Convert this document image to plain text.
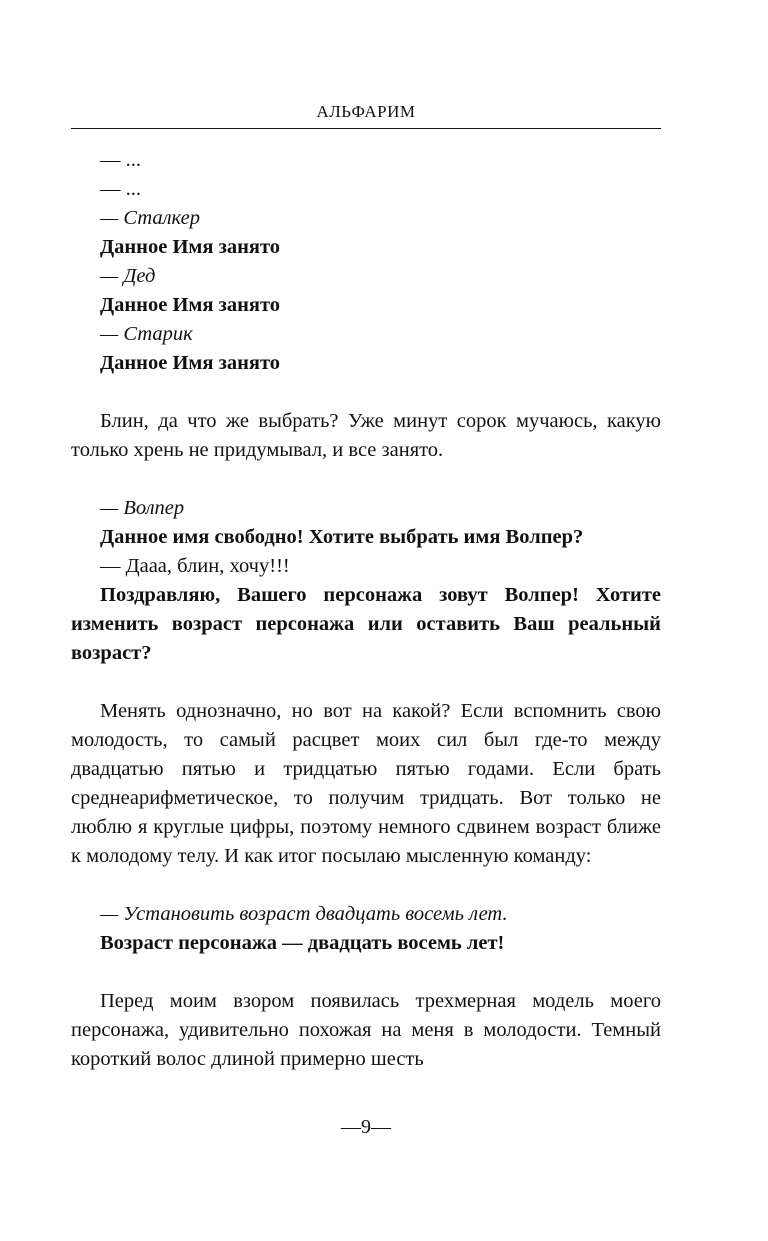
АЛЬФАРИМ

— ...

— ...

— Сталкер

Данное Имя занято

— Дед

Данное Имя занято

— Старик

Данное Имя занято

Блин, да что же выбрать? Уже минут сорок мучаюсь, какую только хрень не придумывал, и все занято.

— Волпер

Данное имя свободно! Хотите выбрать имя Волпер?

— Дааа, блин, хочу!!!

Поздравляю, Вашего персонажа зовут Волпер! Хотите изменить возраст персонажа или оставить Ваш реальный возраст?

Менять однозначно, но вот на какой? Если вспомнить свою молодость, то самый расцвет моих сил был где-то между двадцатью пятью и тридцатью пятью годами. Если брать среднеарифметическое, то получим тридцать. Вот только не люблю я круглые цифры, поэтому немного сдвинем возраст ближе к молодому телу. И как итог посылаю мысленную команду:

— Установить возраст двадцать восемь лет.

Возраст персонажа — двадцать восемь лет!

Перед моим взором появилась трехмерная модель моего персонажа, удивительно похожая на меня в молодости. Темный короткий волос длиной примерно шесть

—9—
